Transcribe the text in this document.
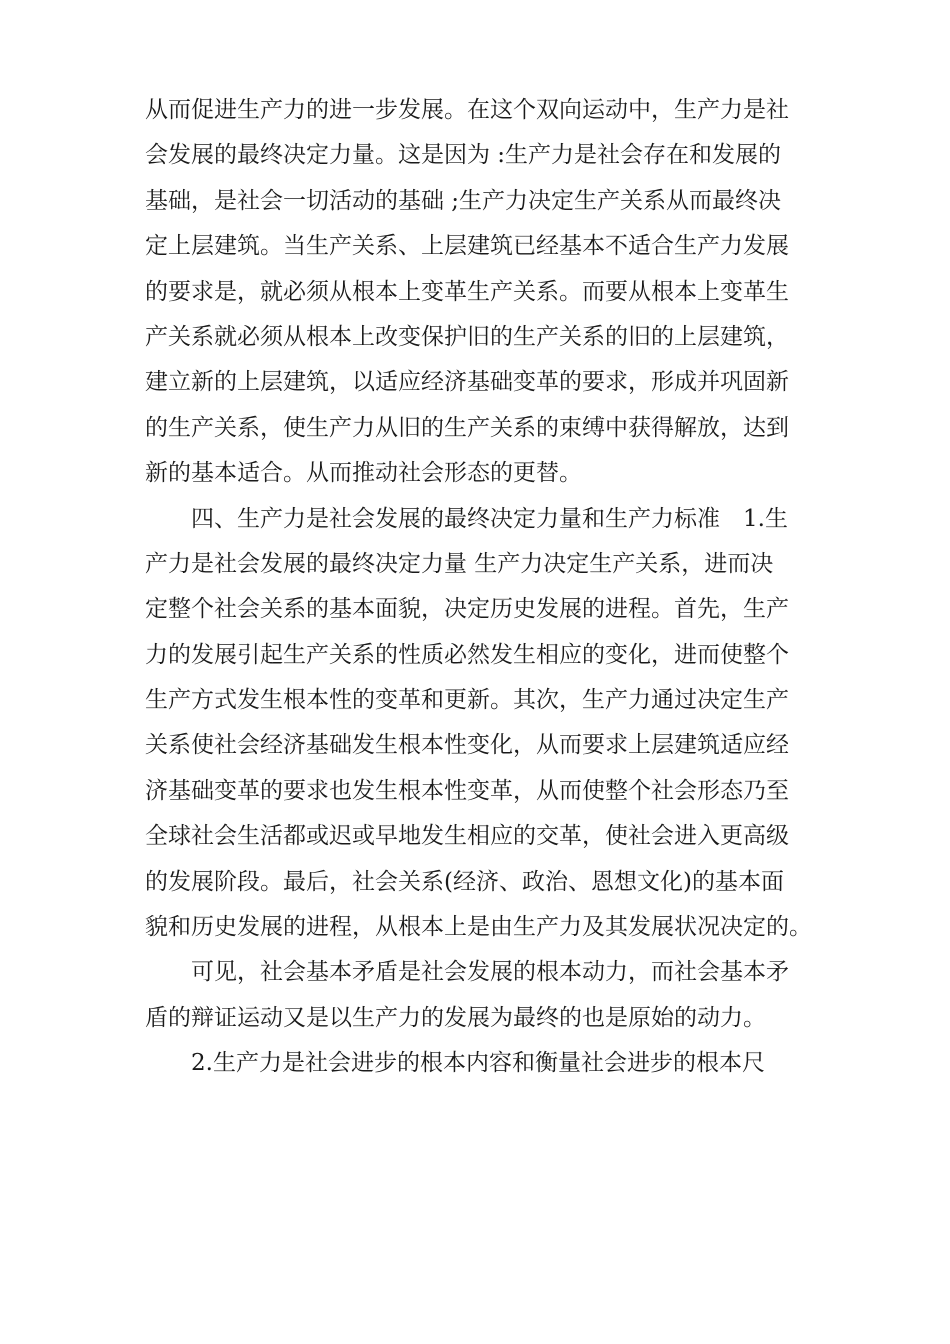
从而促进生产力的进一步发展。在这个双向运动中，生产力是社
会发展的最终决定力量。这是因为 :生产力是社会存在和发展的
基础，是社会一切活动的基础 ;生产力决定生产关系从而最终决
定上层建筑。当生产关系、上层建筑已经基本不适合生产力发展
的要求是，就必须从根本上变革生产关系。而要从根本上变革生
产关系就必须从根本上改变保护旧的生产关系的旧的上层建筑，
建立新的上层建筑，以适应经济基础变革的要求，形成并巩固新
的生产关系，使生产力从旧的生产关系的束缚中获得解放，达到
新的基本适合。从而推动社会形态的更替。
四、生产力是社会发展的最终决定力量和生产力标准　1.生
产力是社会发展的最终决定力量 生产力决定生产关系，进而决
定整个社会关系的基本面貌，决定历史发展的进程。首先，生产
力的发展引起生产关系的性质必然发生相应的变化，进而使整个
生产方式发生根本性的变革和更新。其次，生产力通过决定生产
关系使社会经济基础发生根本性变化，从而要求上层建筑适应经
济基础变革的要求也发生根本性变革，从而使整个社会形态乃至
全球社会生活都或迟或早地发生相应的交革，使社会进入更高级
的发展阶段。最后，社会关系(经济、政治、恩想文化)的基本面
貌和历史发展的进程，从根本上是由生产力及其发展状况决定的。
可见，社会基本矛盾是社会发展的根本动力，而社会基本矛
盾的辩证运动又是以生产力的发展为最终的也是原始的动力。
2.生产力是社会进步的根本内容和衡量社会进步的根本尺
